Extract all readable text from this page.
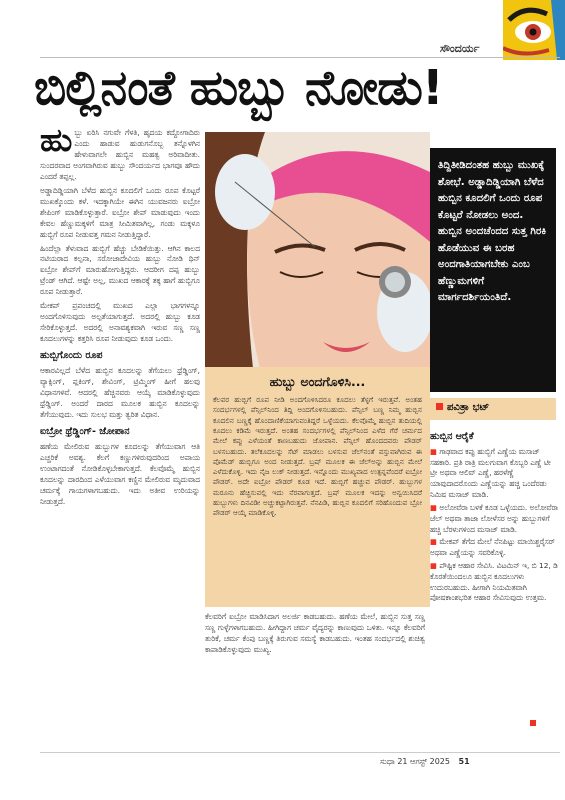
ಸೌಂದರ್ಯ
ಬಿಲ್ಲಿನಂತೆ ಹುಬ್ಬು ನೋಡು!
ಹು ಬ್ಬು ಏರಿಸಿ ನಗುವೇ ಗೆಳತಿ, ಹೃದಯ ಕದ್ದೋಗಾದಿರು ಎಂದು ಹಾಡುವ ಹುಡುಗನೊಬ್ಬ ತನ್ನೊಳಗಿನ ಹೇಳುವಾಗಲೇ ಹುಬ್ಬಿನ ಮಹತ್ವ ಅರಿವಾದೀತು. ಸುಂದರವಾದ ಅಂಗವಾಗಿರುವ ಹುಬ್ಬು ಸೌಂದರ್ಯದ ಭಾಗವೂ ಹೌದು ಎಂದರೆ ತಪ್ಪಲ್ಲ.

ಅಡ್ಡಾದಿಡ್ಡಿಯಾಗಿ ಬೆಳೆದ ಹುಬ್ಬಿನ ಕೂದಲಿಗೆ ಒಂದು ರೂಪ ಕೊಟ್ಟರೆ ಮುಖಕ್ಕೊಂದು ಕಳೆ. ಇದಕ್ಕಾಗಿಯೇ ಈಗಿನ ಯುವಜನರು ಐಬ್ರೋ ಶೇಪಿಂಗ್ ಮಾಡಿಕೊಳ್ಳುತ್ತಾರೆ. ಐಬ್ರೋ ಶೇಪ್ ಮಾಡುವುದು ಇಂದು ಕೇವಲ ಹೆಣ್ಣುಮಕ್ಕಳಿಗೆ ಮಾತ್ರ ಸೀಮಿತವಾಗಿಲ್ಲ, ಗಂಡು ಮಕ್ಕಳೂ ಹುಬ್ಬಿಗೆ ರೂಪ ನೀಡುವತ್ತ ಗಮನ ನೀಡುತ್ತಿದ್ದಾರೆ.

ಹಿಂದೆಲ್ಲಾ ತೆಳುವಾದ ಹುಬ್ಬಿಗೆ ಹೆಚ್ಚು ಬೇಡಿಕೆಯಿತ್ತು. ಆಗಿನ ಕಾಲದ ನಟಿಯರಾದ ಕಲ್ಪನಾ, ಸರೋಜಾದೇವಿಯ ಹುಬ್ಬು ನೋಡಿ ಥಿನ್ ಐಬ್ರೋ ಶೇಪ್‌ಗೆ ಮಾರುಹೋಗುತ್ತಿದ್ದರು. ಆದರೀಗ ದಪ್ಪ ಹುಬ್ಬು ಟ್ರೆಂಡ್ ಆಗಿದೆ. ಆಷ್ಟೇ ಅಲ್ಲ, ಮುಖದ ಆಕಾರಕ್ಕೆ ತಕ್ಕ ಹಾಗೆ ಹುಬ್ಬಿಗೂ ರೂಪ ನೀಡುತ್ತಾರೆ.

ಮೇಕಪ್ ಪ್ರಪಂಚದಲ್ಲಿ ಮುಖದ ಎಲ್ಲಾ ಭಾಗಗಳನ್ನೂ ಅಂದಗೊಳಿಸುವುದು ಅಲ್ಪತೆಯಾಗುತ್ತದೆ. ಅದರಲ್ಲಿ ಹುಬ್ಬು ಕೂಡ ಸೇರಿಕೊಳ್ಳುತ್ತದೆ. ಅದರಲ್ಲಿ ಅನಾವಶ್ಯಕವಾಗಿ ಇರುವ ಸಣ್ಣ ಸಣ್ಣ ಕೂದಲುಗಳನ್ನು ಕತ್ತರಿಸಿ ರೂಪ ನೀಡುವುದು ಕೂಡ ಒಂದು.

ಹುಬ್ಬಿಗೊಂದು ರೂಪ

ಆಕಾರವಿಲ್ಲದೆ ಬೆಳೆದ ಹುಬ್ಬಿನ ಕೂದಲನ್ನು ತೆಗೆಯಲು ಥ್ರೆಡ್ಡಿಂಗ್, ವ್ಯಾಕ್ಸಿಂಗ್, ಪ್ಲಕಿಂಗ್, ಶೇವಿಂಗ್, ಟ್ರಿಮ್ಮಿಂಗ್ ಹೀಗೆ ಹಲವು ವಿಧಾನಗಳಿವೆ. ಆದರಲ್ಲಿ ಹೆಚ್ಚಿನವರು ಆಯ್ಕೆ ಮಾಡಿಕೊಳ್ಳುವುದು ಥ್ರೆಡ್ಡಿಂಗ್. ಅಂದರೆ ದಾರದ ಮೂಲಕ ಹುಬ್ಬಿನ ಕೂದಲನ್ನು ತೆಗೆಯುವುದು. ಇದು ಸುಲಭ ಮತ್ತು ತ್ವರಿತ ವಿಧಾನ.

ಐಬ್ರೋ ಥ್ರೆಡ್ಡಿಂಗ್- ಜೋಪಾನ

ಹಣೆಯ ಮೇಲಿರುವ ಹುಬ್ಬುಗಳ ಕೂದಲನ್ನು ತೆಗೆಯುವಾಗ ಆತಿ ಎಚ್ಚರಿಕೆ ಅವಶ್ಯ. ಕೆಲಗೆ ಕಣ್ಣುಗಳಿರುವುದರಿಂದ ಅಪಾಯ ಉಂಟಾಗದಂತೆ ನೋಡಿಕೊಳ್ಳಬೇಕಾಗುತ್ತದೆ. ಕೆಲವೊಮ್ಮೆ ಹುಬ್ಬಿನ ಕೂದಲನ್ನು ದಾರದಿಂದ ಎಳೆಯುವಾಗ ಕಣ್ಣಿನ ಮೇಲಿರುವ ಮೃದುವಾದ ಚರ್ಮಕ್ಕೆ ಗಾಯಗಳಾಗಬಹುದು. ಇದು ಅತೀವ ಉರಿಯನ್ನು ನೀಡುತ್ತದೆ.

ತಿದ್ದಿತೀಡಿದಂತಹ ಹುಬ್ಬು ಮುಖಕ್ಕೆ ಶೋಭೆ. ಅಡ್ಡಾದಿಡ್ಡಿಯಾಗಿ ಬೆಳೆದ ಹುಬ್ಬಿನ ಕೂದಲಿಗೆ ಒಂದು ರೂಪ ಕೊಟ್ಟರೆ ನೋಡಲು ಅಂದ. ಹುಬ್ಬಿನ ಅಂದಚೆಂದದ ಸುತ್ತ ಗಿರಕಿ ಹೊಡೆಯುವ ಈ ಬರಹ ಅಂದಗಾತಿಯಾಗಬೇಕು ಎಂಬ ಹೆಣ್ಣುಮಗಳಿಗೆ ಮಾರ್ಗದರ್ಶಿಯಂತಿದೆ.
ಪವಿತ್ರಾ ಭಟ್
ಹುಬ್ಬು ಅಂದಗೊಳಿಸಿ...

ಕೆಲವರ ಹುಬ್ಬಿಗೆ ರೂಪ ನೀಡಿ ಅಂದಗೊಳಿಸಿದರೂ ಕೂದಲು ತೆಳ್ಳಗೆ ಇರುತ್ತವೆ. ಅಂತಹ ಸಂದರ್ಭಗಳಲ್ಲಿ ಪೆನ್ಸಿಲ್‌ನಿಂದ ತಿದ್ದಿ ಅಂದಗೊಳಿಸಬಹುದು. ಪೆನ್ಸಿಲ್ ಬಣ್ಣ ನಿಮ್ಮ ಹುಬ್ಬಿನ ಕೂದಲಿನ ಬಣ್ಣಕ್ಕೆ ಹೊಂದಾಣಿಕೆಯಾಗುವಂತಿದ್ದರೆ ಒಳ್ಳೆಯದು. ಕೆಲವೊಮ್ಮೆ ಹುಬ್ಬಿನ ತುದಿಯಲ್ಲಿ ಕೂದಲು ಕಡಿಮೆ ಇರುತ್ತದೆ. ಅಂತಹ ಸಂದರ್ಭಗಳಲ್ಲಿ ಪೆನ್ಸಿಲ್‌ನಿಂದ ಎಳೆದ ಗೆರೆ ಚರ್ಮದ ಮೇಲೆ ಕಪ್ಪು ಎಳೆಯಂತೆ ಕಾಣಬಹುದು ಜೋಪಾನ. ಪೆನ್ಸಿಲ್ ಹೊಂದದವರು ಪೌಡರ್ ಬಳಸಬಹುದು. ತಲೆಕೂದಲನ್ನು ಸೆಟ್ ಮಾಡಲು ಬಳಸುವ ಜೆಲ್‌ನಂತೆ ವಸ್ತುವಾಗಿರುವ ಈ ಪೊಮೆಡ್ ಹುಬ್ಬಿಗೂ ಅಂದ ನೀಡುತ್ತದೆ. ಬ್ರಷ್ ಮೂಲಕ ಈ ಜೆಲ್‌ಅನ್ನು ಹುಬ್ಬಿನ ಮೇಲೆ ಎಳೆದುಕೊಳ್ಳಿ. ಇದು ನೈಜ ಲುಕ್ ನೀಡುತ್ತದೆ. ಇನ್ನೊಂದು ಮುಖ್ಯವಾದ ಉತ್ಪನ್ನವೆಂದರೆ ಐಬ್ರೋ ಪೌಡರ್. ಅದೇ ಐಬ್ರೋ ಪೌಡರ್ ಕೂಡ ಇದೆ. ಹುಬ್ಬಿಗೆ ಹಚ್ಚುವ ಪೌಡರ್. ಹುಬ್ಬುಗಳ ಮರೂನು ಹೆಚ್ಚಿಸುವಲ್ಲಿ ಇದು ನೆರವಾಗುತ್ತದೆ. ಬ್ರಷ್ ಮೂಲಕ ಇದನ್ನು ಅನ್ವಯಿಸಿದರೆ ಹುಬ್ಬುಗಳು ದಿನವಿಡೀ ಅಚ್ಚುಕಟ್ಟಾಗಿರುತ್ತವೆ. ನೆನಪಿಡಿ, ಹುಬ್ಬಿನ ಕೂದಲಿಗೆ ಸರಿಹೊಂದುವ ಬ್ರೋ ಪೌಡರ್ ಆಯ್ಕೆ ಮಾಡಿಕೊಳ್ಳಿ.

ಕೆಲವರಿಗೆ ಐಬ್ರೋ ಮಾಡಿಸಿದಾಗ ಅಲರ್ಜಿ ಕಾಡಬಹುದು. ಹಣೆಯ ಮೇಲೆ, ಹುಬ್ಬಿನ ಸುತ್ತ ಸಣ್ಣ ಸಣ್ಣ ಗುಳ್ಳೆಗಳಾಗಬಹುದು. ಹೀಗಿದ್ದಾಗ ಚರ್ಮ ವೈದ್ಯರನ್ನು ಕಾಣುವುದು ಒಳಿತು. ಇನ್ನೂ ಕೆಲವರಿಗೆ ತುರಿಕೆ, ಚರ್ಮ ಕೆಂಪು ಬಣ್ಣಕ್ಕೆ ತಿರುಗುವ ಸಮಸ್ಯೆ ಕಾಡಬಹುದು. ಇಂತಹ ಸಂದರ್ಭದಲ್ಲಿ ಶುಚಿತ್ವ ಕಾಪಾಡಿಕೊಳ್ಳುವುದು ಮುಖ್ಯ.

ಹುಬ್ಬಿನ ಆರೈಕೆ

■ ಗಾಢವಾದ ಕಪ್ಪು ಹುಬ್ಬಿಗೆ ಎಣ್ಣೆಯ ಮಸಾಜ್ ಸಹಕಾರಿ. ಪ್ರತಿ ರಾತ್ರಿ ಮಲಗುವಾಗ ಕೊಬ್ಬರಿ ಎಣ್ಣೆ ಟೀ ಟ್ರೀ ಅಥವಾ ಆಲಿವ್ ಎಣ್ಣೆ, ಹರಳೆಣ್ಣೆ ಯಾವುದಾದರೊಂದು ಎಣ್ಣೆಯನ್ನು ಹಚ್ಚಿ ಒಂದೆರಡು ನಿಮಿಷ ಮಸಾಜ್ ಮಾಡಿ.

■ ಅಲೋವೆರಾ ಬಳಕೆ ಕೂಡ ಒಳ್ಳೆಯದು. ಅಲೋವೆರಾ ಜೆಲ್ ಅಥವಾ ತಾಜಾ ಲೋಳೆಸರ ಅನ್ನು ಹುಬ್ಬುಗಳಿಗೆ ಹಚ್ಚಿ ಬೆರಳುಗಳಿಂದ ಮಸಾಜ್ ಮಾಡಿ.

■ ಮೇಕಪ್ ತೆಗೆದ ಮೇಲೆ ನೆನಪಿಟ್ಟು ಮಾಯಿಶ್ಚರೈಸರ್ ಅಥವಾ ಎಣ್ಣೆಯನ್ನು ಸವರಿಕೊಳ್ಳಿ.

■ ಪೌಷ್ಟಿಕ ಆಹಾರ ಸೇವಿಸಿ. ವಿಟಮಿನ್ ಇ, ಬಿ 12, ಡಿ ಕೊರತೆಯಿಂದಲೂ ಹುಬ್ಬಿನ ಕೂದಲುಗಳು ಉದುರಬಹುದು. ಹೀಗಾಗಿ ನಿಯಮಿತವಾಗಿ ಪೋಷಕಾಂಶಭರಿತ ಆಹಾರ ಸೇವಿಸುವುದು ಉತ್ತಮ.

ಸುಧಾ 21 ಆಗಸ್ಟ್ 2025 51
